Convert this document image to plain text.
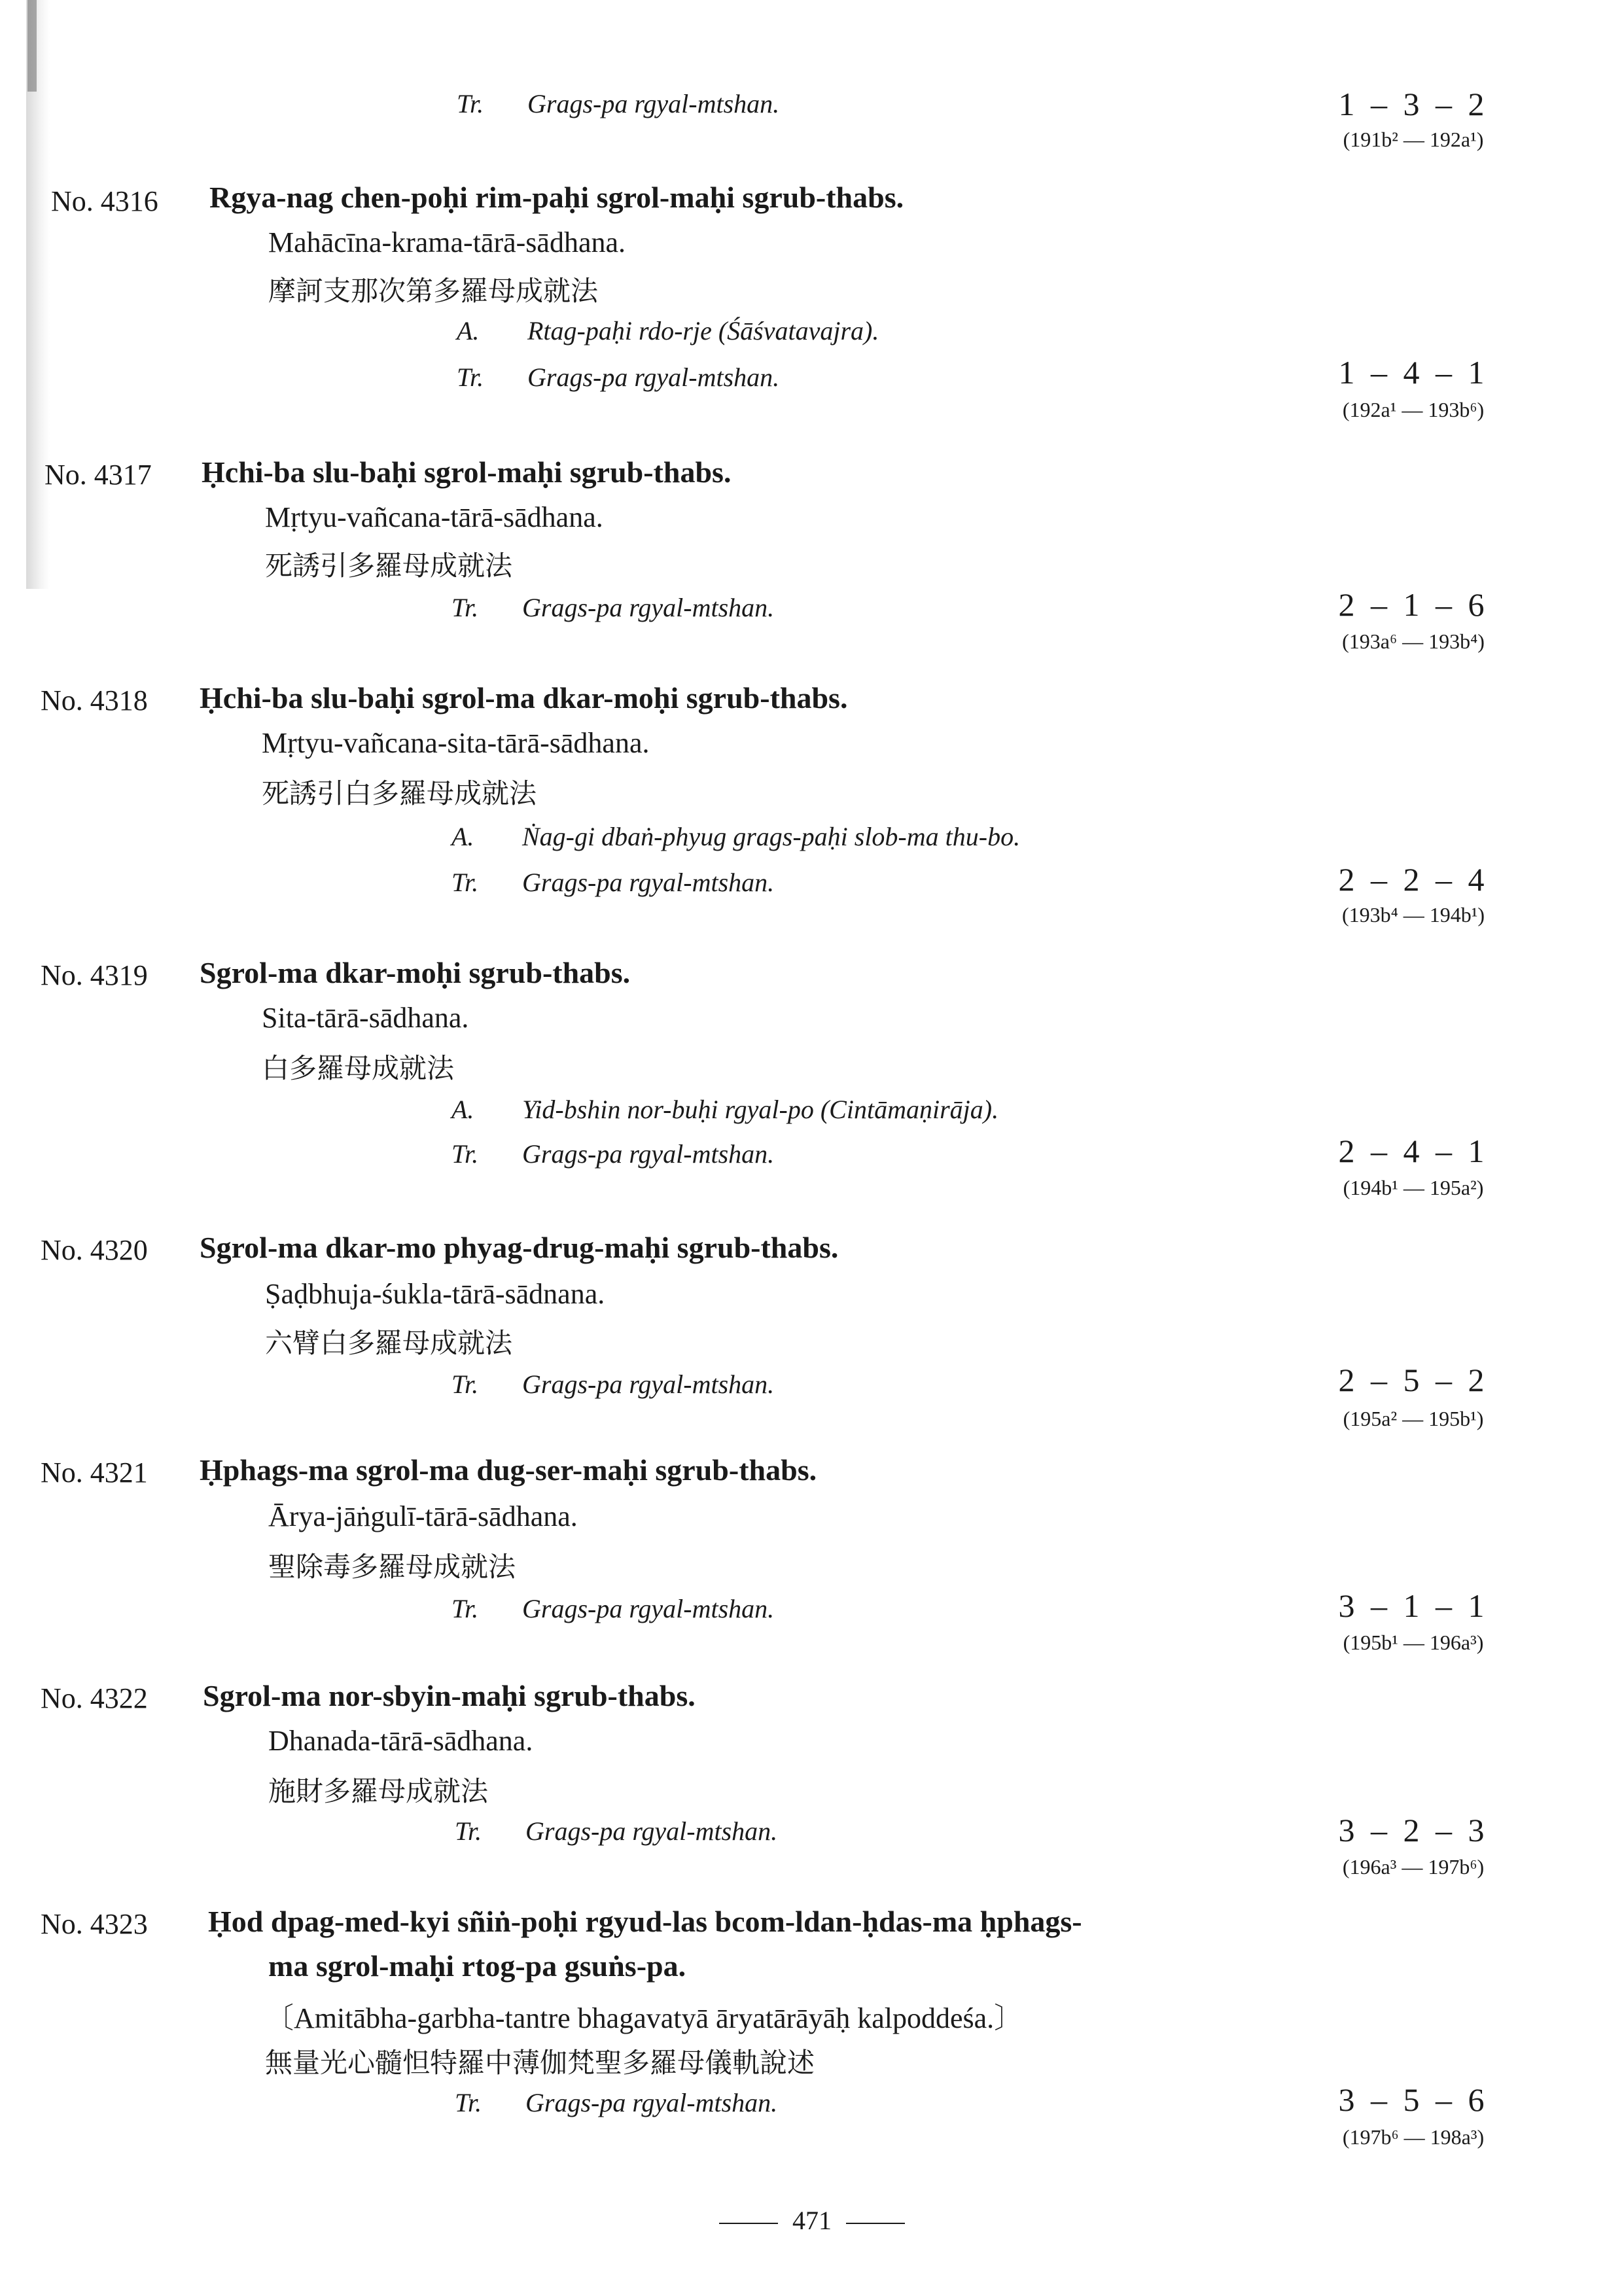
Tr. Grags-pa rgyal-mtshan.	1 – 3 – 2
(191b² — 192a¹)
No. 4316 Rgya-nag chen-poḥi rim-paḥi sgrol-maḥi sgrub-thabs.
Mahācīna-krama-tārā-sādhana.
摩訶支那次第多羅母成就法
A. Rtag-paḥi rdo-rje (Śāśvatavajra).
Tr. Grags-pa rgyal-mtshan.	1 – 4 – 1
(192a¹ — 193b⁶)
No. 4317 Ḥchi-ba slu-baḥi sgrol-maḥi sgrub-thabs.
Mṛtyu-vañcana-tārā-sādhana.
死誘引多羅母成就法
Tr. Grags-pa rgyal-mtshan.	2 – 1 – 6
(193a⁶ — 193b⁴)
No. 4318 Ḥchi-ba slu-baḥi sgrol-ma dkar-moḥi sgrub-thabs.
Mṛtyu-vañcana-sita-tārā-sādhana.
死誘引白多羅母成就法
A. Ṅag-gi dbaṅ-phyug grags-paḥi slob-ma thu-bo.
Tr. Grags-pa rgyal-mtshan.	2 – 2 – 4
(193b⁴ — 194b¹)
No. 4319 Sgrol-ma dkar-moḥi sgrub-thabs.
Sita-tārā-sādhana.
白多羅母成就法
A. Yid-bshin nor-buḥi rgyal-po (Cintāmaṇirāja).
Tr. Grags-pa rgyal-mtshan.	2 – 4 – 1
(194b¹ — 195a²)
No. 4320 Sgrol-ma dkar-mo phyag-drug-maḥi sgrub-thabs.
Ṣaḍbhuja-śukla-tārā-sādnana.
六臂白多羅母成就法
Tr. Grags-pa rgyal-mtshan.	2 – 5 – 2
(195a² — 195b¹)
No. 4321 Ḥphags-ma sgrol-ma dug-ser-maḥi sgrub-thabs.
Ārya-jāṅgulī-tārā-sādhana.
聖除毒多羅母成就法
Tr. Grags-pa rgyal-mtshan.	3 – 1 – 1
(195b¹ — 196a³)
No. 4322 Sgrol-ma nor-sbyin-maḥi sgrub-thabs.
Dhanada-tārā-sādhana.
施財多羅母成就法
Tr. Grags-pa rgyal-mtshan.	3 – 2 – 3
(196a³ — 197b⁶)
No. 4323 Ḥod dpag-med-kyi sñiṅ-poḥi rgyud-las bcom-ldan-ḥdas-ma ḥphags-
ma sgrol-maḥi rtog-pa gsuṅs-pa.
〔Amitābha-garbha-tantre bhagavatyā āryatārāyāḥ kalpoddeśa.〕
無量光心髓怛特羅中薄伽梵聖多羅母儀軌說述
Tr. Grags-pa rgyal-mtshan.	3 – 5 – 6
(197b⁶ — 198a³)
471
